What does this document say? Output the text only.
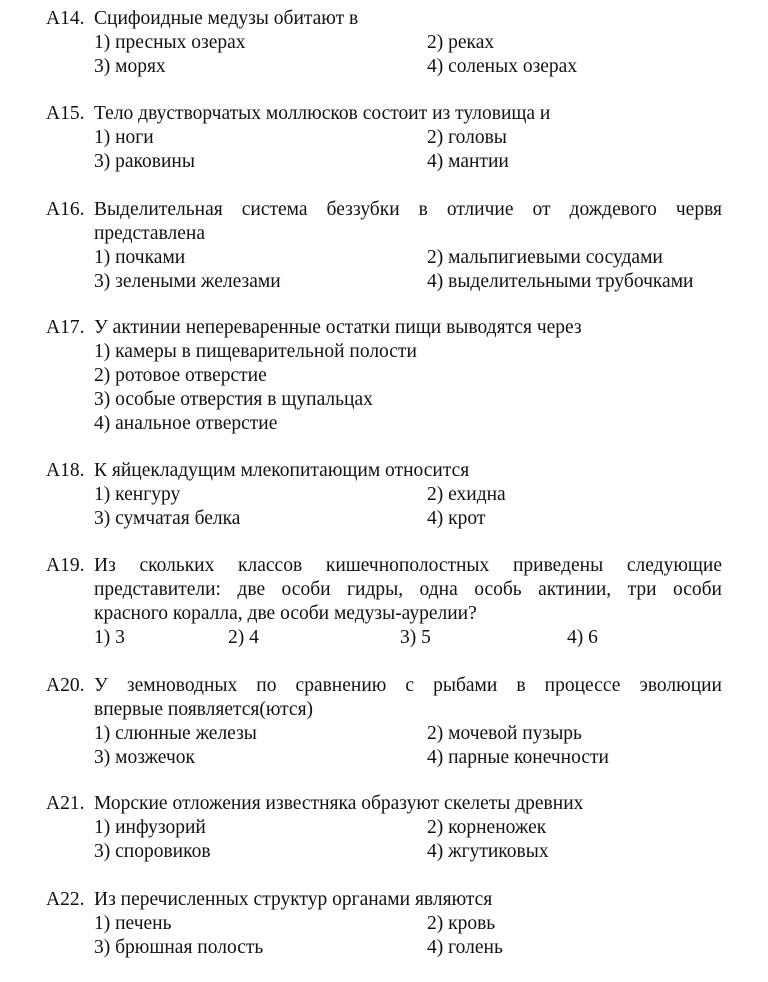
А14. Сцифоидные медузы обитают в
1) пресных озерах	2) реках
3) морях	4) соленых озерах
А15. Тело двустворчатых моллюсков состоит из туловища и
1) ноги	2) головы
3) раковины	4) мантии
А16. Выделительная система беззубки в отличие от дождевого червя
представлена
1) почками	2) мальпигиевыми сосудами
3) зелеными железами	4) выделительными трубочками
А17. У актинии непереваренные остатки пищи выводятся через
1) камеры в пищеварительной полости
2) ротовое отверстие
3) особые отверстия в щупальцах
4) анальное отверстие
А18. К яйцекладущим млекопитающим относится
1) кенгуру	2) ехидна
3) сумчатая белка	4) крот
А19. Из скольких классов кишечнополостных приведены следующие
представители: две особи гидры, одна особь актинии, три особи
красного коралла, две особи медузы-аурелии?
1) 3	2) 4	3) 5	4) 6
А20. У земноводных по сравнению с рыбами в процессе эволюции
впервые появляется(ются)
1) слюнные железы	2) мочевой пузырь
3) мозжечок	4) парные конечности
А21. Морские отложения известняка образуют скелеты древних
1) инфузорий	2) корненожек
3) споровиков	4) жгутиковых
А22. Из перечисленных структур органами являются
1) печень	2) кровь
3) брюшная полость	4) голень
